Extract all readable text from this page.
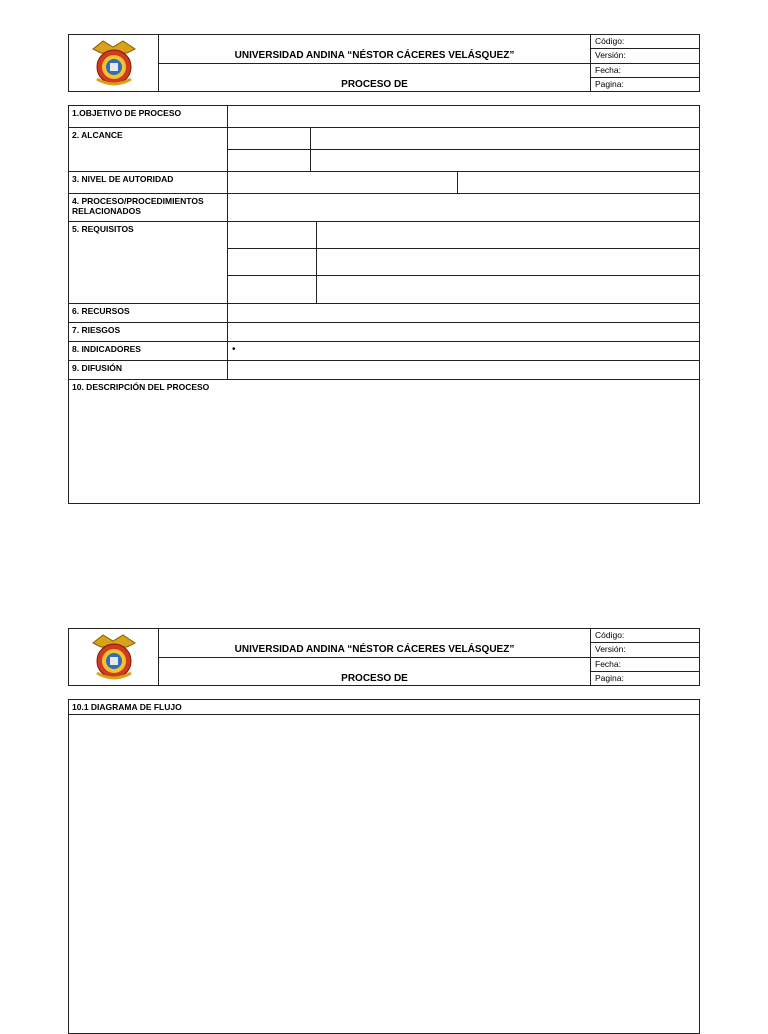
UNIVERSIDAD ANDINA “NÉSTOR CÁCERES VELÁSQUEZ”
PROCESO DE
Código:
Versión:
Fecha:
Pagina:
1.OBJETIVO DE PROCESO
2. ALCANCE
3. NIVEL DE AUTORIDAD
4. PROCESO/PROCEDIMIENTOS RELACIONADOS
5. REQUISITOS
6. RECURSOS
7. RIESGOS
8. INDICADORES	•
9. DIFUSIÓN
10. DESCRIPCIÓN DEL PROCESO
UNIVERSIDAD ANDINA “NÉSTOR CÁCERES VELÁSQUEZ”
PROCESO DE
Código:
Versión:
Fecha:
Pagina:
10.1 DIAGRAMA DE FLUJO
